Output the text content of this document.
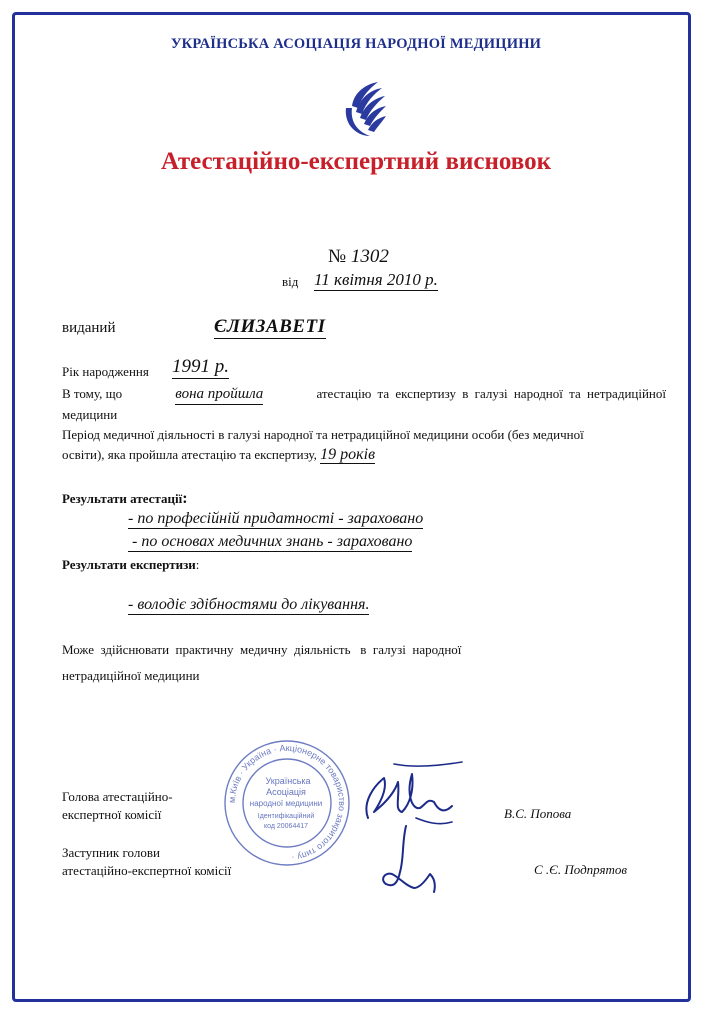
УКРАЇНСЬКА АСОЦІАЦІЯ НАРОДНОЇ МЕДИЦИНИ
Атестаційно-експертний висновок
№ 1302
від 11 квітня 2010 р.
виданий	ЄЛИЗАВЕТІ
Рік народження 1991 р.
В тому, що	вона пройшла	атестацію та експертизу в галузі народної та нетрадиційної
медицини
Період медичної діяльності в галузі народної та нетрадиційної медицини особи (без медичної
освіти), яка пройшла атестацію та експертизу, 19 років
Результати атестації:
- по професійній придатності - зараховано
- по основах медичних знань - зараховано
Результати експертизи:
- володіє здібностями до лікування.
Може  здійснювати  практичну  медичну  діяльність   в  галузі  народної
нетрадиційної медицини
Голова атестаційно-
експертної комісії	В.С. Попова
Заступник голови
атестаційно-експертної комісії	С .Є. Подпрятов
м.Київ · Україна · Акціонерне товариство закритого типу ·
Українська
Асоціація
народної медицини
Ідентифікаційний
код 20064417
